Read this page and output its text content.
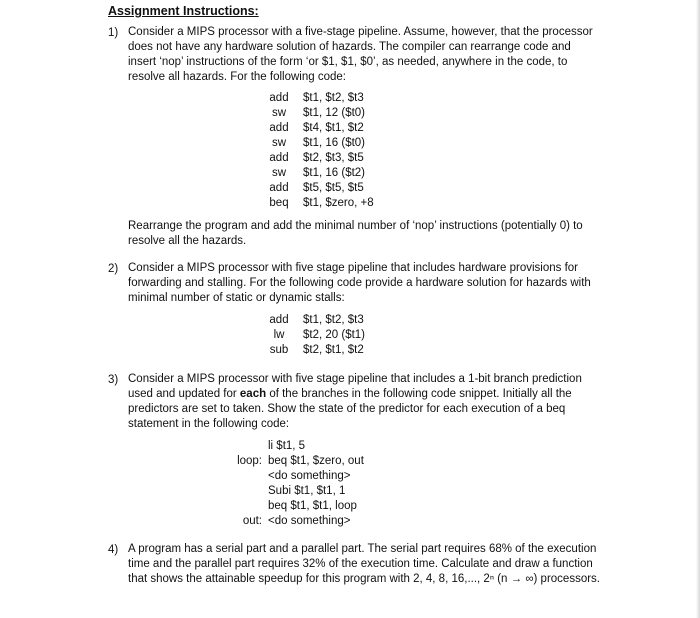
Assignment Instructions:
1) Consider a MIPS processor with a five-stage pipeline. Assume, however, that the processor does not have any hardware solution of hazards. The compiler can rearrange code and insert ‘nop’ instructions of the form ‘or $1, $1, $0’, as needed, anywhere in the code, to resolve all hazards. For the following code:
add	$t1, $t2, $t3
sw	$t1, 12 ($t0)
add	$t4, $t1, $t2
sw	$t1, 16 ($t0)
add	$t2, $t3, $t5
sw	$t1, 16 ($t2)
add	$t5, $t5, $t5
beq	$t1, $zero, +8
Rearrange the program and add the minimal number of ‘nop’ instructions (potentially 0) to resolve all the hazards.
2) Consider a MIPS processor with five stage pipeline that includes hardware provisions for forwarding and stalling. For the following code provide a hardware solution for hazards with minimal number of static or dynamic stalls:
add	$t1, $t2, $t3
lw	$t2, 20 ($t1)
sub	$t2, $t1, $t2
3) Consider a MIPS processor with five stage pipeline that includes a 1-bit branch prediction used and updated for each of the branches in the following code snippet. Initially all the predictors are set to taken. Show the state of the predictor for each execution of a beq statement in the following code:
li $t1, 5
loop: beq $t1, $zero, out
<do something>
Subi $t1, $t1, 1
beq $t1, $t1, loop
out: <do something>
4) A program has a serial part and a parallel part. The serial part requires 68% of the execution time and the parallel part requires 32% of the execution time. Calculate and draw a function that shows the attainable speedup for this program with 2, 4, 8, 16,..., 2ⁿ (n → ∞) processors.
